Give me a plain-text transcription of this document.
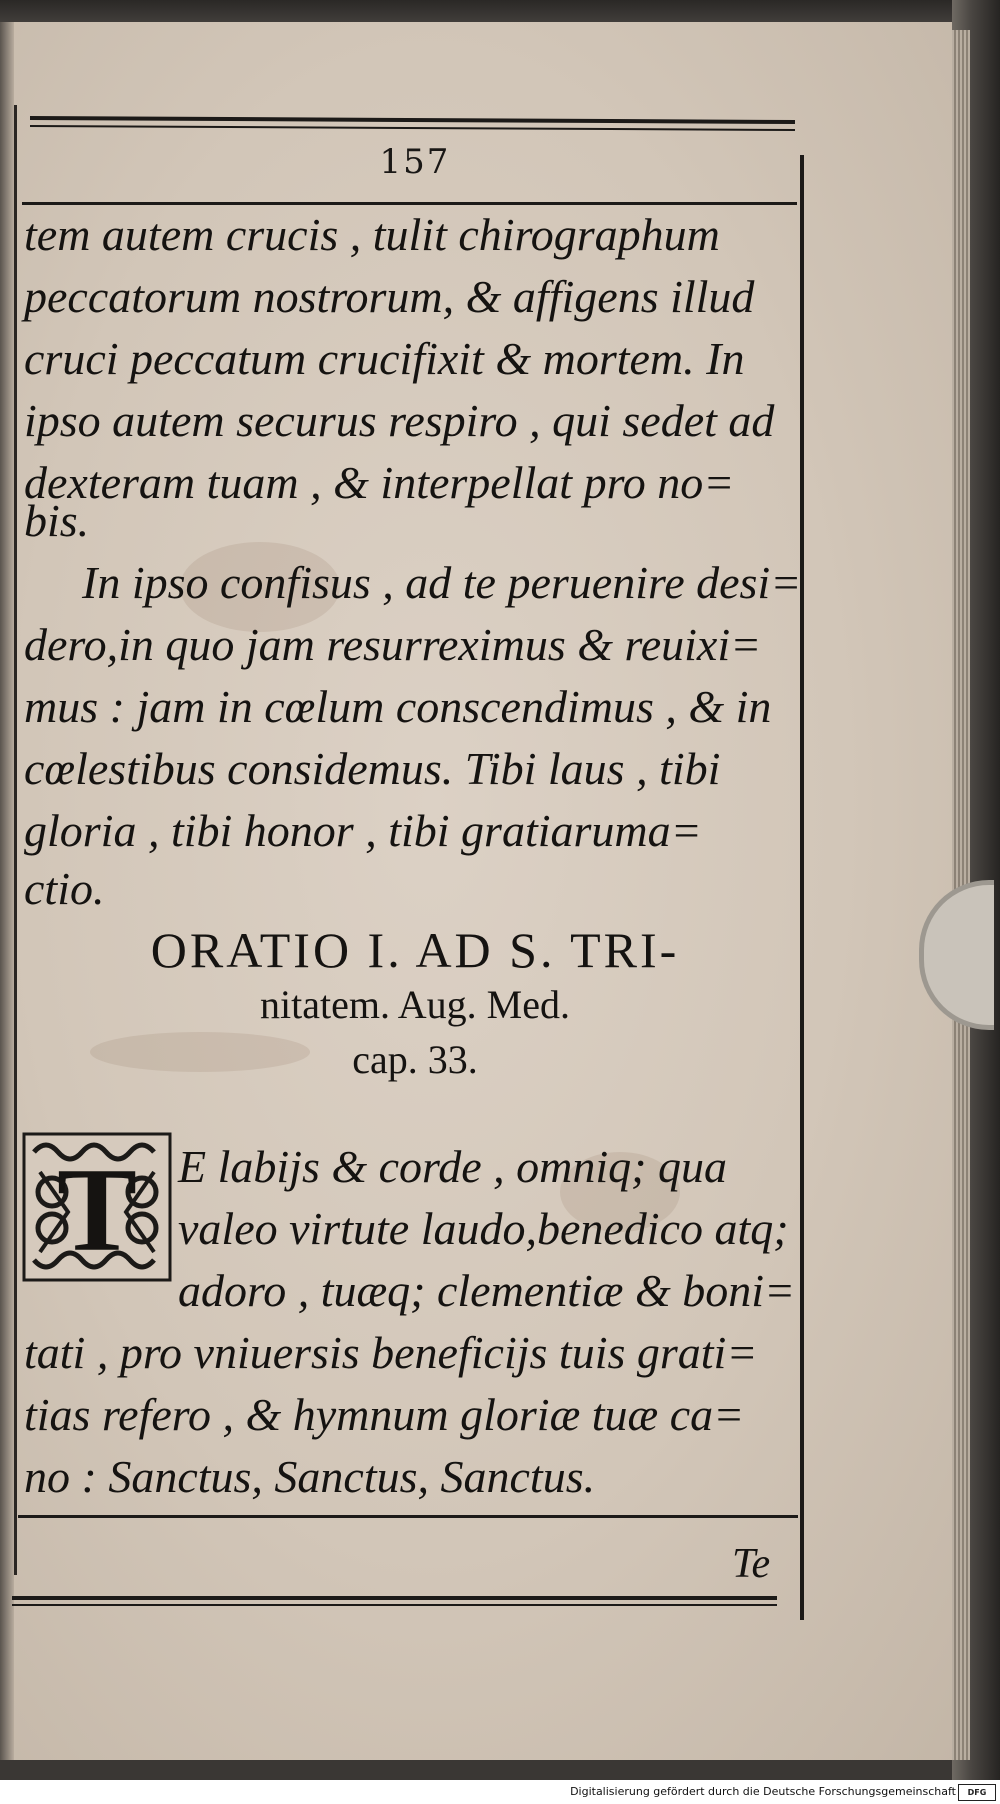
157
tem autem crucis , tulit chirographum
peccatorum nostrorum, & affigens illud
cruci peccatum crucifixit & mortem. In
ipso autem securus respiro , qui sedet ad
dexteram tuam , & interpellat pro no=
bis.
In ipso confisus , ad te peruenire desi=
dero,in quo jam resurreximus & reuixi=
mus : jam in cœlum conscendimus , & in
cœlestibus considemus. Tibi laus , tibi
gloria , tibi honor , tibi gratiaruma=
ctio.
ORATIO I. AD S. TRI-
nitatem. Aug. Med.
cap. 33.
T E labijs & corde , omniq; qua
valeo virtute laudo,benedico atq;
adoro , tuæq; clementiæ & boni=
tati , pro vniuersis beneficijs tuis grati=
tias refero , & hymnum gloriæ tuæ ca=
no : Sanctus, Sanctus, Sanctus.
Te
Digitalisierung gefördert durch die Deutsche Forschungsgemeinschaft	DFG
